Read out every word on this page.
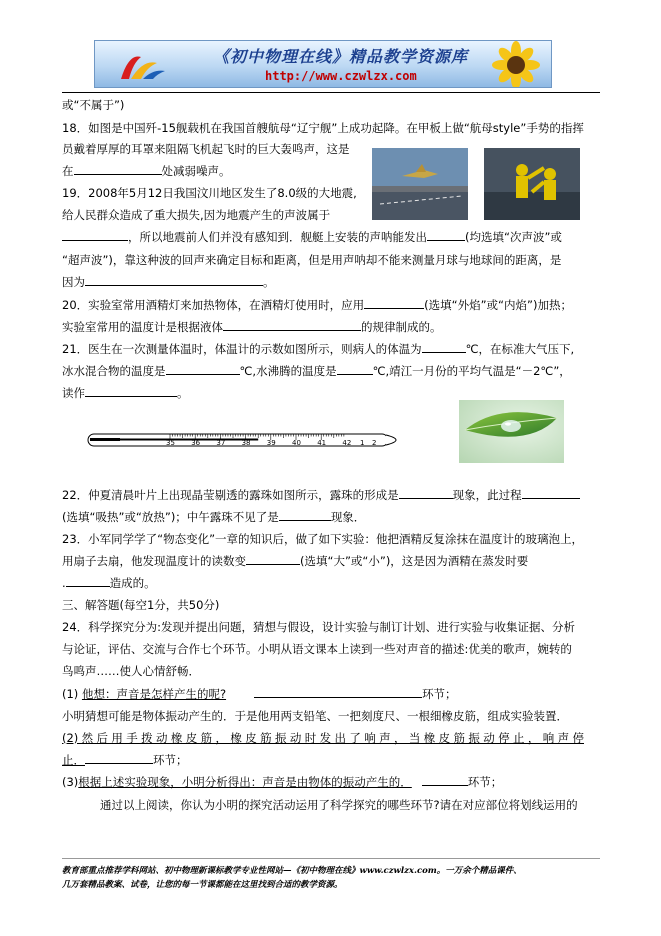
《初中物理在线》精品教学资源库
http://www.czwlzx.com
或“不属于”)
18．如图是中国歼-15舰载机在我国首艘航母“辽宁舰”上成功起降。在甲板上做“航母style”手势的指挥
员戴着厚厚的耳罩来阻隔飞机起飞时的巨大轰鸣声，这是
在	处减弱噪声。
19．2008年5月12日我国汶川地区发生了8.0级的大地震,
给人民群众造成了重大损失,因为地震产生的声波属于
，所以地震前人们并没有感知到．舰艇上安装的声呐能发出	(均选填“次声波”或
“超声波”)，靠这种波的回声来确定目标和距离，但是用声呐却不能来测量月球与地球间的距离，是
因为	。
20．实验室常用酒精灯来加热物体，在酒精灯使用时，应用	(选填“外焰”或“内焰”)加热；
实验室常用的温度计是根据液体	的规律制成的。
21．医生在一次测量体温时，体温计的示数如图所示，则病人的体温为	℃，在标准大气压下,
冰水混合物的温度是	℃,水沸腾的温度是	℃,靖江一月份的平均气温是“－2℃”，
读作	。
35 36 37 38 39 40 41 42 1 2
22．仲夏清晨叶片上出现晶莹剔透的露珠如图所示，露珠的形成是	现象，此过程
(选填“吸热”或“放热”)；中午露珠不见了是	现象．
23．小军同学学了“物态变化”一章的知识后，做了如下实验：他把酒精反复涂抹在温度计的玻璃泡上，
用扇子去扇，他发现温度计的读数变	(选填“大”或“小”)，这是因为酒精在蒸发时要
.	造成的。
三、解答题(每空1分，共50分)
24．科学探究分为:发现并提出问题，猜想与假设，设计实验与制订计划、进行实验与收集证据、分析
与论证，评估、交流与合作七个环节。小明从语文课本上读到一些对声音的描述:优美的歌声，婉转的
鸟鸣声……使人心情舒畅．
(1) 他想：声音是怎样产生的呢?	环节；
小明猜想可能是物体振动产生的．于是他用两支铅笔、一把刻度尺、一根细橡皮筋，组成实验装置．
(2)然后用手拨动橡皮筋，橡皮筋振动时发出了响声，当橡皮筋振动停止，响声停
止．	环节；
(3)根据上述实验现象，小明分析得出：声音是由物体的振动产生的．	环节；
通过以上阅读，你认为小明的探究活动运用了科学探究的哪些环节?请在对应部位将划线运用的
教育部重点推荐学科网站、初中物理新课标教学专业性网站—《初中物理在线》www.czwlzx.com。一万余个精品课件、
几万套精品教案、试卷，让您的每一节课都能在这里找到合适的教学资源。
